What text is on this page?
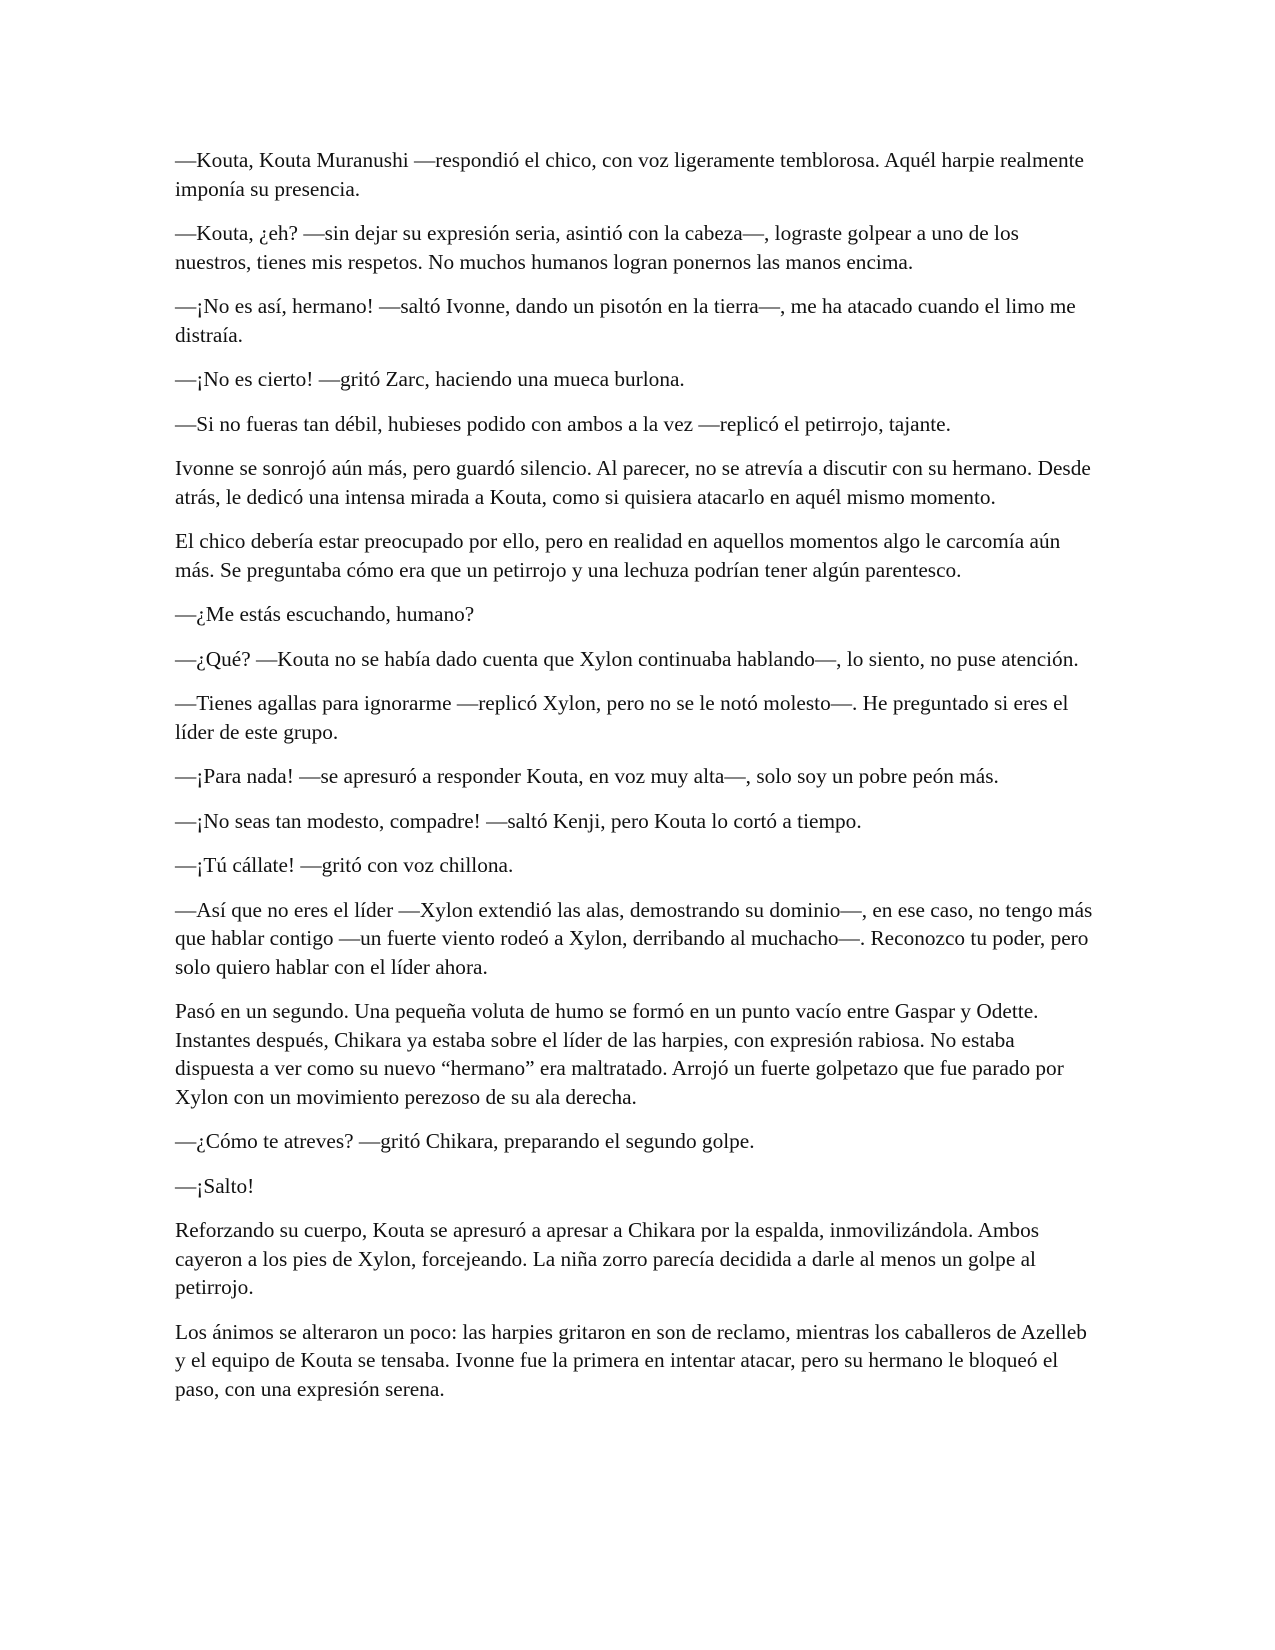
—Kouta, Kouta Muranushi —respondió el chico, con voz ligeramente temblorosa. Aquél harpie realmente imponía su presencia.

—Kouta, ¿eh? —sin dejar su expresión seria, asintió con la cabeza—, lograste golpear a uno de los nuestros, tienes mis respetos. No muchos humanos logran ponernos las manos encima.

—¡No es así, hermano! —saltó Ivonne, dando un pisotón en la tierra—, me ha atacado cuando el limo me distraía.

—¡No es cierto! —gritó Zarc, haciendo una mueca burlona.

—Si no fueras tan débil, hubieses podido con ambos a la vez —replicó el petirrojo, tajante.

Ivonne se sonrojó aún más, pero guardó silencio. Al parecer, no se atrevía a discutir con su hermano. Desde atrás, le dedicó una intensa mirada a Kouta, como si quisiera atacarlo en aquél mismo momento.

El chico debería estar preocupado por ello, pero en realidad en aquellos momentos algo le carcomía aún más. Se preguntaba cómo era que un petirrojo y una lechuza podrían tener algún parentesco.

—¿Me estás escuchando, humano?

—¿Qué? —Kouta no se había dado cuenta que Xylon continuaba hablando—, lo siento, no puse atención.

—Tienes agallas para ignorarme —replicó Xylon, pero no se le notó molesto—. He preguntado si eres el líder de este grupo.

—¡Para nada! —se apresuró a responder Kouta, en voz muy alta—, solo soy un pobre peón más.

—¡No seas tan modesto, compadre! —saltó Kenji, pero Kouta lo cortó a tiempo.

—¡Tú cállate! —gritó con voz chillona.

—Así que no eres el líder —Xylon extendió las alas, demostrando su dominio—, en ese caso, no tengo más que hablar contigo —un fuerte viento rodeó a Xylon, derribando al muchacho—. Reconozco tu poder, pero solo quiero hablar con el líder ahora.

Pasó en un segundo. Una pequeña voluta de humo se formó en un punto vacío entre Gaspar y Odette. Instantes después, Chikara ya estaba sobre el líder de las harpies, con expresión rabiosa. No estaba dispuesta a ver como su nuevo “hermano” era maltratado. Arrojó un fuerte golpetazo que fue parado por Xylon con un movimiento perezoso de su ala derecha.

—¿Cómo te atreves? —gritó Chikara, preparando el segundo golpe.

—¡Salto!

Reforzando su cuerpo, Kouta se apresuró a apresar a Chikara por la espalda, inmovilizándola. Ambos cayeron a los pies de Xylon, forcejeando. La niña zorro parecía decidida a darle al menos un golpe al petirrojo.

Los ánimos se alteraron un poco: las harpies gritaron en son de reclamo, mientras los caballeros de Azelleb y el equipo de Kouta se tensaba. Ivonne fue la primera en intentar atacar, pero su hermano le bloqueó el paso, con una expresión serena.
